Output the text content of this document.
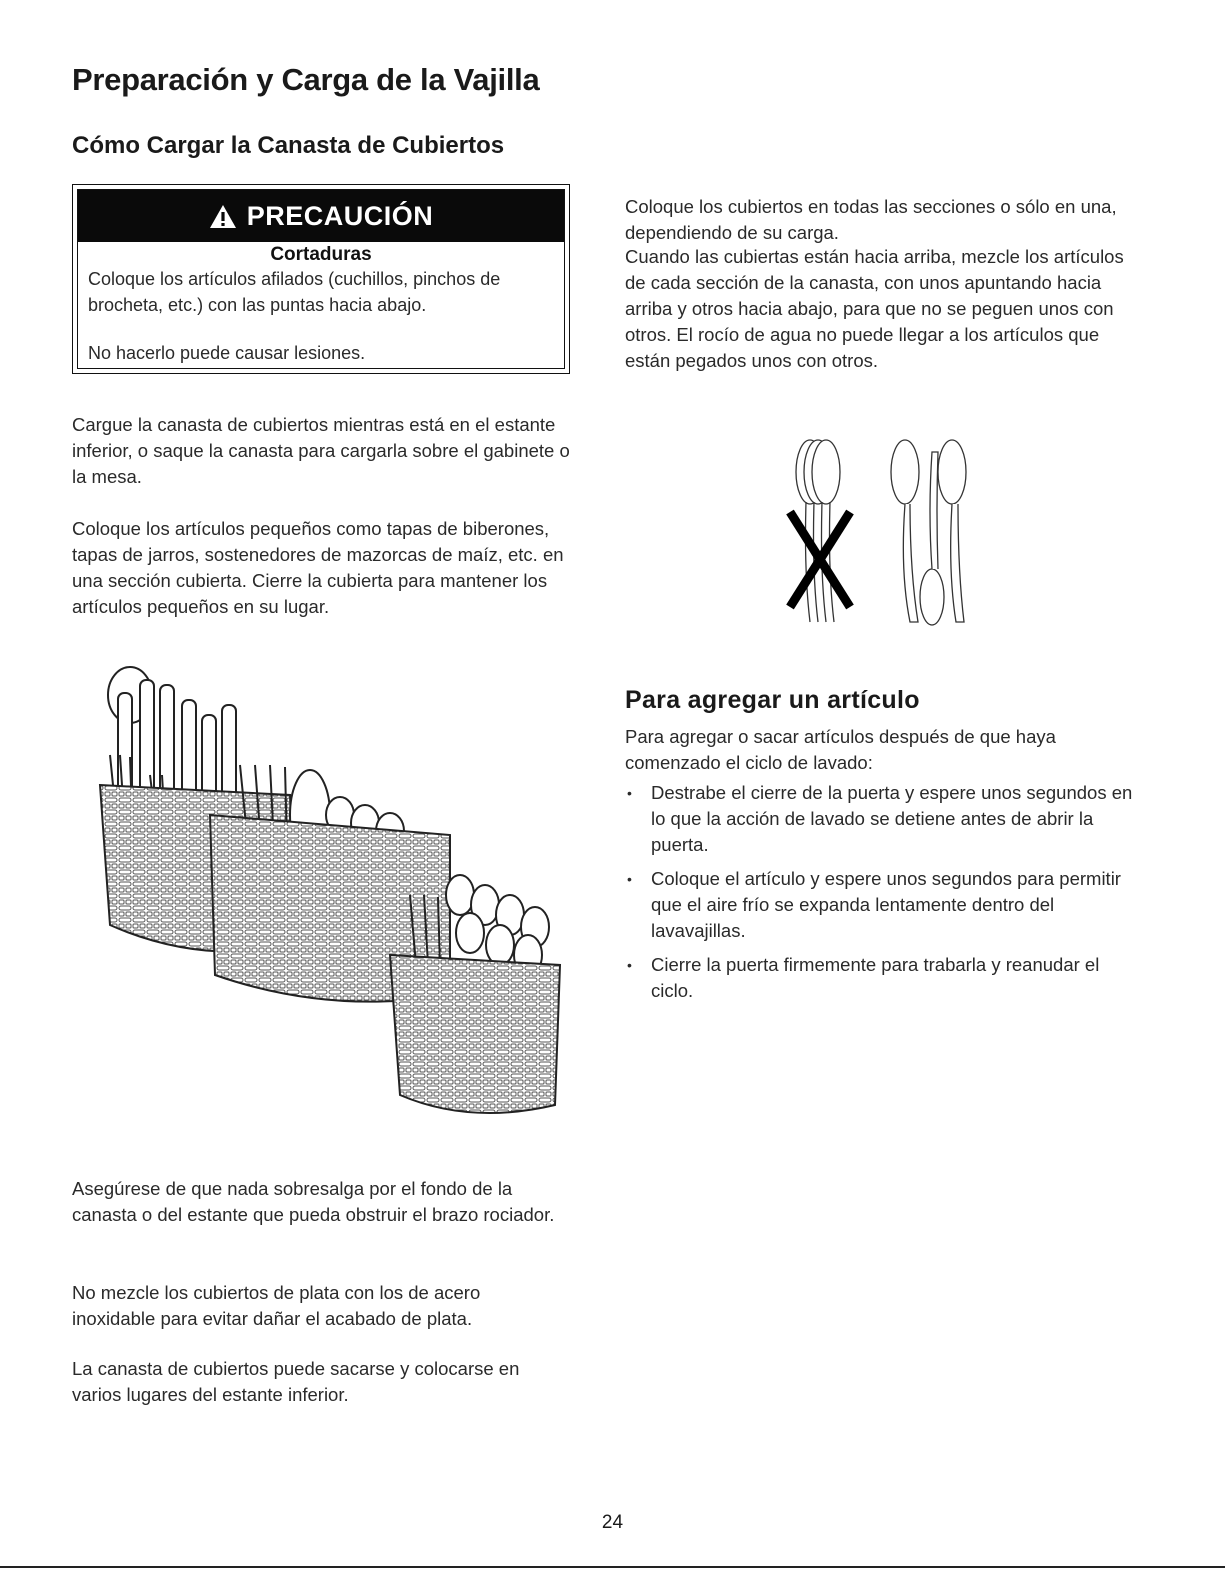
Preparación y Carga de la Vajilla
Cómo Cargar la Canasta de Cubiertos
PRECAUCIÓN
Cortaduras

Coloque los artículos afilados (cuchillos, pinchos de brocheta, etc.) con las puntas hacia abajo.

Cargue la canasta de cubiertos mientras está en el estante inferior, o saque la canasta para cargarla sobre el gabinete o la mesa.

Coloque los artículos pequeños como tapas de biberones, tapas de jarros, sostenedores de mazorcas de maíz, etc. en una sección cubierta. Cierre la cubierta para mantener los artículos pequeños en su lugar.

Asegúrese de que nada sobresalga por el fondo de la canasta o del estante que pueda obstruir el brazo rociador.

No mezcle los cubiertos de plata con los de acero inoxidable para evitar dañar el acabado de plata.

La canasta de cubiertos puede sacarse y colocarse en varios lugares del estante inferior.

Coloque los cubiertos en todas las secciones o sólo en una, dependiendo de su carga.

Cuando las cubiertas están hacia arriba, mezcle los artículos de cada sección de la canasta, con unos apuntando hacia arriba y otros hacia abajo, para que no se peguen unos con otros. El rocío de agua no puede llegar a los artículos que están pegados unos con otros.

Para agregar un artículo

Para agregar o sacar artículos después de que haya comenzado el ciclo de lavado:

• Destrabe el cierre de la puerta y espere unos segundos en lo que la acción de lavado se detiene antes de abrir la puerta.
• Coloque el artículo y espere unos segundos para permitir que el aire frío se expanda lentamente dentro del lavavajillas.
• Cierre la puerta firmemente para trabarla y reanudar el ciclo.
24

No hacerlo puede causar lesiones.
